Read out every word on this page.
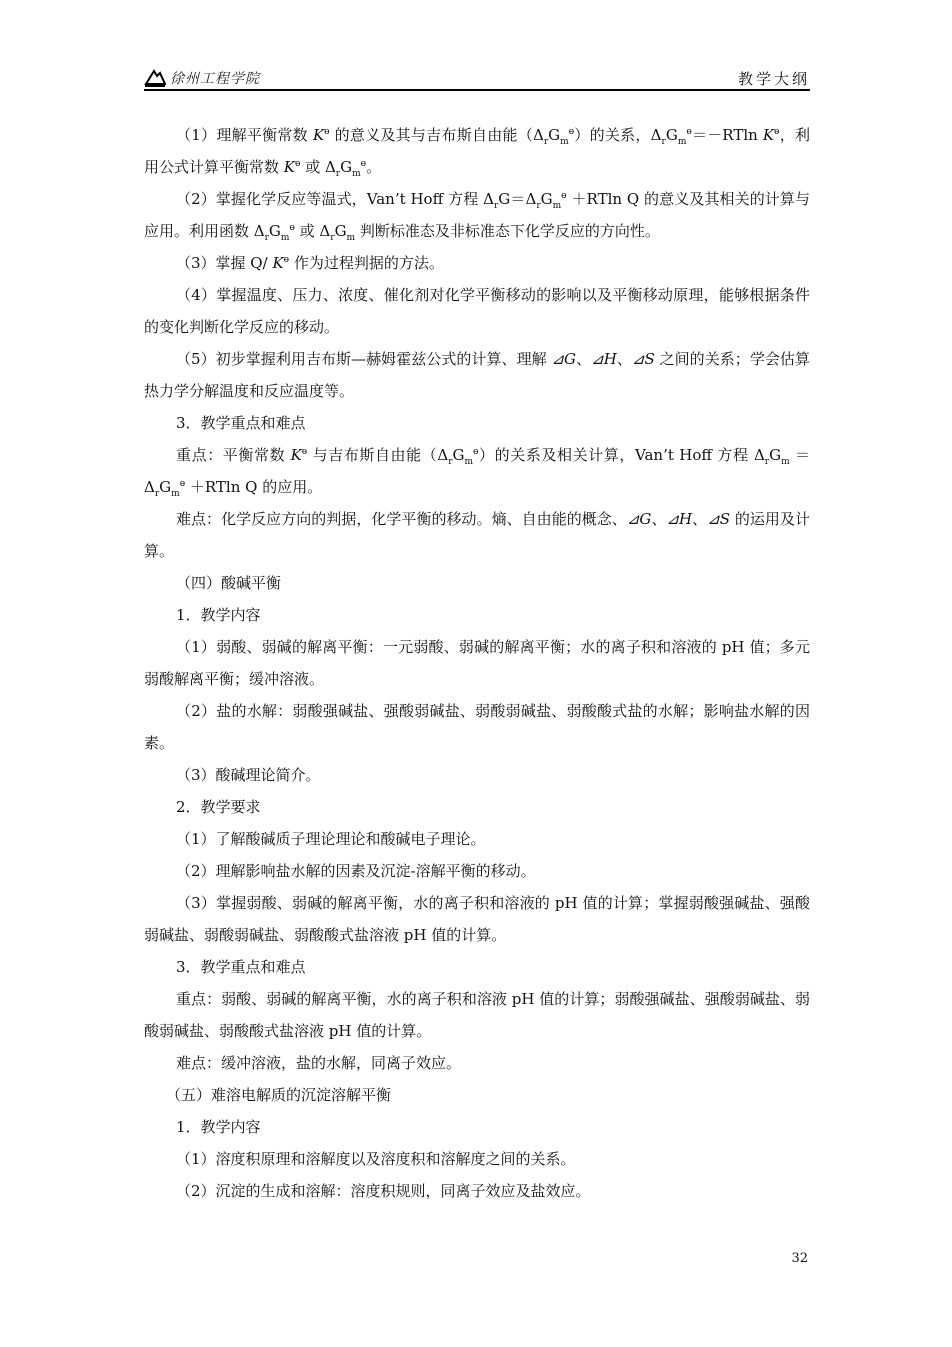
徐州工程学院	教学大纲

（1）理解平衡常数 $K^ө$ 的意义及其与吉布斯自由能$(\Delta_rG_m^ө)$的关系，$\Delta_rG_m^ө=-RTln$ $K^ө$，利用公式计算平衡常数 $K^ө$ 或 $\Delta_rG_m^ө$。

（2）掌握化学反应等温式，Van’t Hoff 方程 $\Delta_rG=\Delta_rG_m^ө +RTln$ Q 的意义及其相关的计算与应用。利用函数 $\Delta_rG_m^ө$ 或 $\Delta_rG_m$ 判断标准态及非标准态下化学反应的方向性。

（3）掌握 Q/ $K^ө$ 作为过程判据的方法。

（4）掌握温度、压力、浓度、催化剂对化学平衡移动的影响以及平衡移动原理，能够根据条件的变化判断化学反应的移动。

（5）初步掌握利用吉布斯—赫姆霍兹公式的计算、理解 ⊿G、⊿H、⊿S 之间的关系；学会估算热力学分解温度和反应温度等。

3．教学重点和难点

重点：平衡常数 $K^ө$ 与吉布斯自由能$(\Delta_rG_m^ө)$的关系及相关计算，Van’t Hoff 方程 $\Delta_rG_m =\Delta_rG_m^ө +RTln$ Q 的应用。

难点：化学反应方向的判据，化学平衡的移动。熵、自由能的概念、⊿G、⊿H、⊿S 的运用及计算。

（四）酸碱平衡

1．教学内容

（1）弱酸、弱碱的解离平衡：一元弱酸、弱碱的解离平衡；水的离子积和溶液的 pH 值；多元弱酸解离平衡；缓冲溶液。

（2）盐的水解：弱酸强碱盐、强酸弱碱盐、弱酸弱碱盐、弱酸酸式盐的水解；影响盐水解的因素。

（3）酸碱理论简介。

2．教学要求

（1）了解酸碱质子理论理论和酸碱电子理论。

（2）理解影响盐水解的因素及沉淀-溶解平衡的移动。

（3）掌握弱酸、弱碱的解离平衡，水的离子积和溶液的 pH 值的计算；掌握弱酸强碱盐、强酸弱碱盐、弱酸弱碱盐、弱酸酸式盐溶液 pH 值的计算。

3．教学重点和难点

重点：弱酸、弱碱的解离平衡，水的离子积和溶液 pH 值的计算；弱酸强碱盐、强酸弱碱盐、弱酸弱碱盐、弱酸酸式盐溶液 pH 值的计算。

难点：缓冲溶液，盐的水解，同离子效应。

（五）难溶电解质的沉淀溶解平衡

1．教学内容

（1）溶度积原理和溶解度以及溶度积和溶解度之间的关系。

（2）沉淀的生成和溶解：溶度积规则，同离子效应及盐效应。

32
